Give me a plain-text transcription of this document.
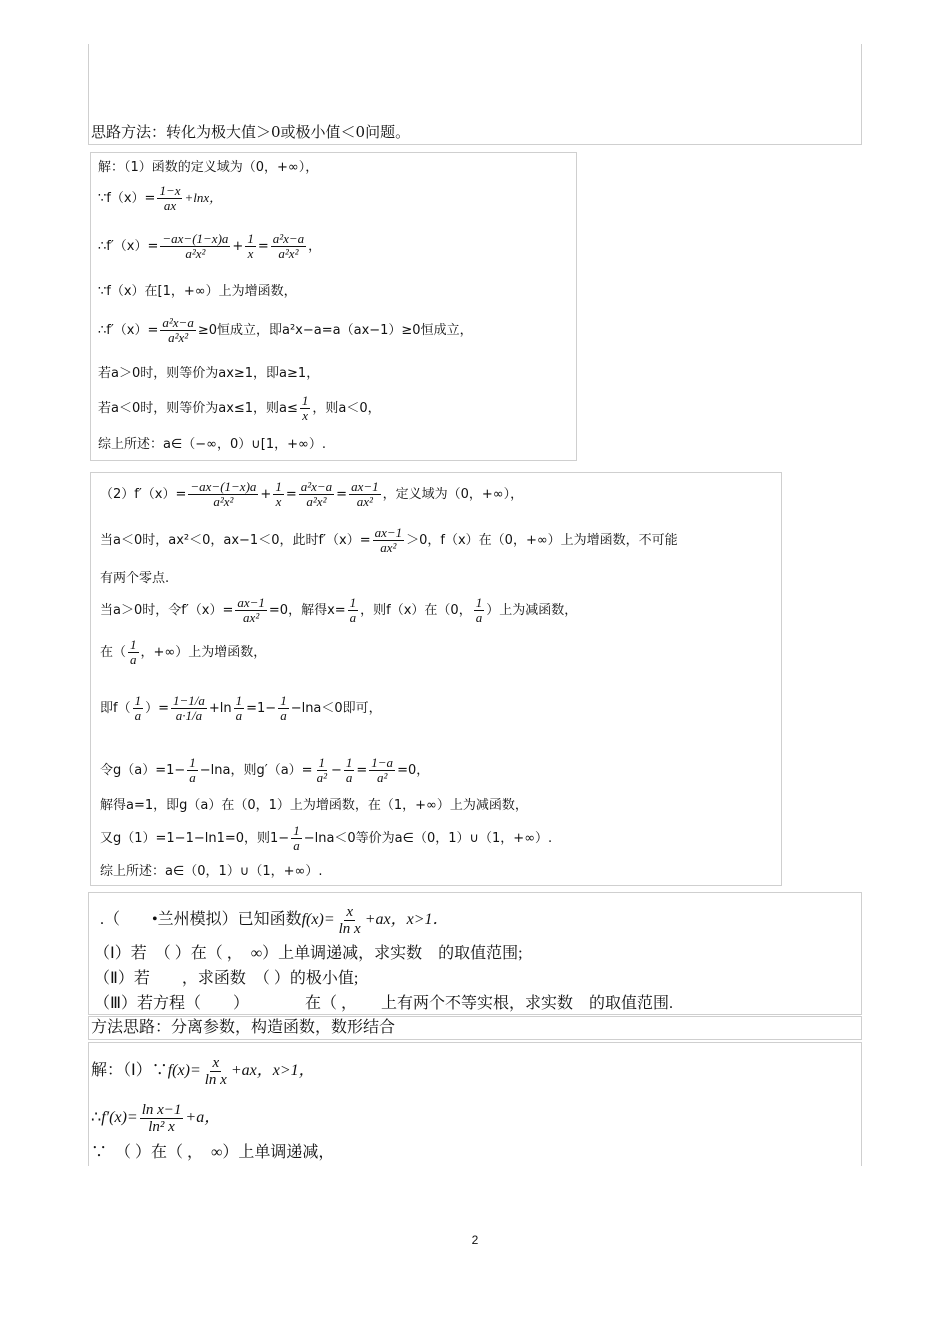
思路方法：转化为极大值＞0或极小值＜0问题。
解：（1）函数的定义域为（0，+∞），
∵f（x）= $\frac{1-x}{ax} +\ln x$，
∴f′（x）= $\frac{-ax-(1-x)a}{\text{a²x²}} + \frac{1}{x} = \frac{\text{a²x−a}}{\text{a²x²}}$ ，
∵f（x）在[1，+∞）上为增函数，
∴f′（x）= $\frac{\text{a²x−a}}{\text{a²x²}} \ge 0$恒成立，即a²x−a=a（ax−1）≥0恒成立，
若a＞0时，则等价为ax≥1，即a≥1，
若a＜0时，则等价为ax≤1，则$a\le \frac{1}{x}$ ，则a＜0，
综上所述：a∈（−∞，0）∪[1，+∞）.
$(2)f'(x)= \frac{-ax-(1-x)a}{\text{a²x²}} + \frac{1}{x} = \frac{\text{a²x−a}}{\text{a²x²}} = \frac{ax-1}{\text{ax²}}$ ，定义域为（0，+∞），
当a＜0时，ax²＜0，ax−1＜0，此时$f'(x)= \frac{ax-1}{\text{ax²}} >0$，f（x）在（0，+∞）上为增函数，不可能
有两个零点.
当a＞0时，令$f'(x)= \frac{ax-1}{\text{ax²}} =0$，解得$x= \frac{1}{a}$ ，则f（x）在（0， $\frac{1}{a}$ ）上为减函数，
在（ $\frac{1}{a}$ ，+∞）上为增函数，
即$f( \frac{1}{a}$ ）= $\frac{1-1/a}{a\cdot 1/a} +\ln \frac{1}{a} =1- \frac{1}{a} -\ln a<0$即可，
令$g(a)=1- \frac{1}{a} -\ln a$，则$g'(a)= \frac{1}{\text{a²}} - \frac{1}{a} = \frac{1-a}{\text{a²}} =0$，
解得a=1，即g（a）在（0，1）上为增函数，在（1，+∞）上为减函数，
又g（1）=1−1−ln1=0，则$1- \frac{1}{a} -\ln a<0$等价为a∈（0，1）∪（1，+∞）.
综上所述：a∈（0，1）∪（1，+∞）.
.（　　•兰州模拟）已知函数$f(x)= \frac{x}{\text{ln x}} +ax$，x>1．
（Ⅰ）若　（ ）在（ ，　∞）上单调递减，求实数　的取值范围;
（Ⅱ）若　　，求函数　（ ）的极小值;
（Ⅲ）若方程（　　）　　　　在（ ，　　上有两个不等实根，求实数　的取值范围.
方法思路：分离参数，构造函数，数形结合
解：（Ⅰ）∵f(x)= $\frac{x}{\text{ln x}} +ax$，x>1，
∴f′(x)= $\frac{\text{ln x−1}}{\text{ln² x}} +a$，
∵　（ ）在（ ，　∞）上单调递减，
2
